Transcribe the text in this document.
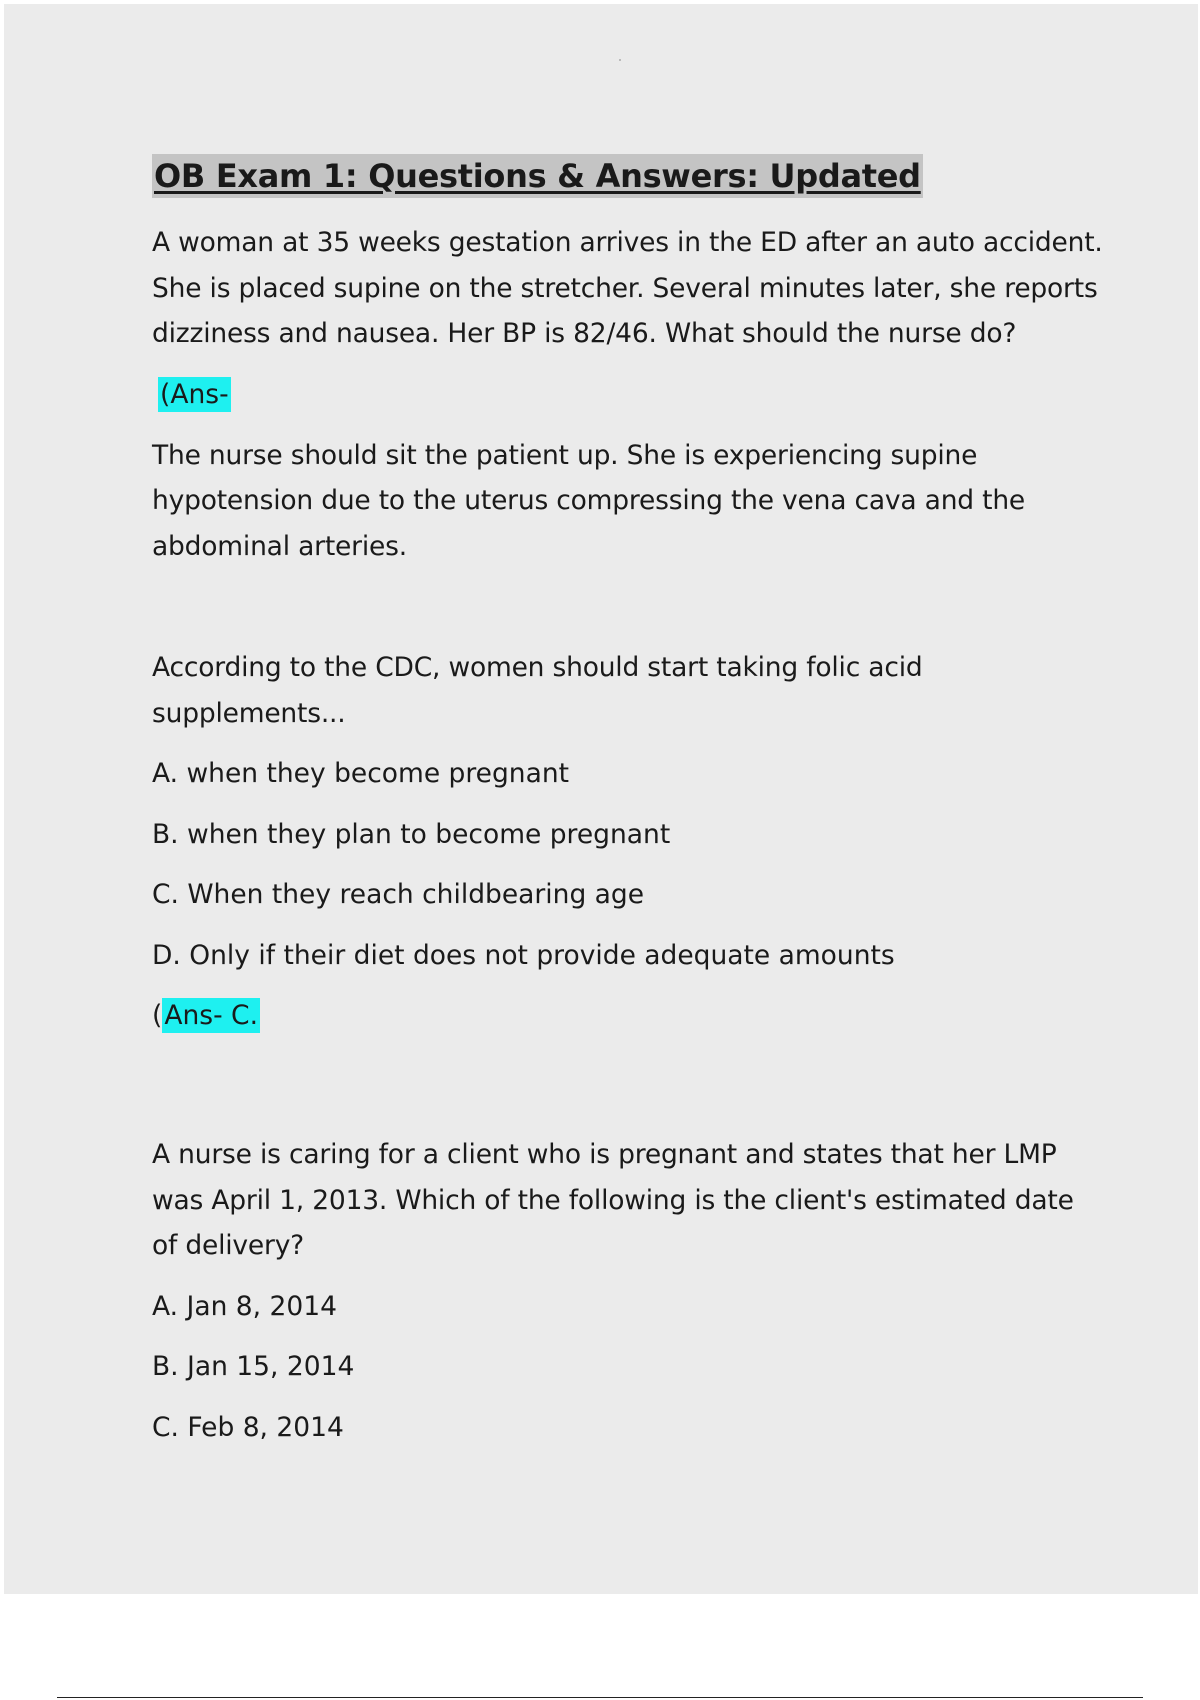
OB Exam 1: Questions & Answers: Updated

A woman at 35 weeks gestation arrives in the ED after an auto accident.
She is placed supine on the stretcher. Several minutes later, she reports
dizziness and nausea. Her BP is 82/46. What should the nurse do?

(Ans-

The nurse should sit the patient up. She is experiencing supine
hypotension due to the uterus compressing the vena cava and the
abdominal arteries.

According to the CDC, women should start taking folic acid
supplements...

A. when they become pregnant

B. when they plan to become pregnant

C. When they reach childbearing age

D. Only if their diet does not provide adequate amounts

(Ans- C.

A nurse is caring for a client who is pregnant and states that her LMP
was April 1, 2013. Which of the following is the client's estimated date
of delivery?

A. Jan 8, 2014

B. Jan 15, 2014

C. Feb 8, 2014
